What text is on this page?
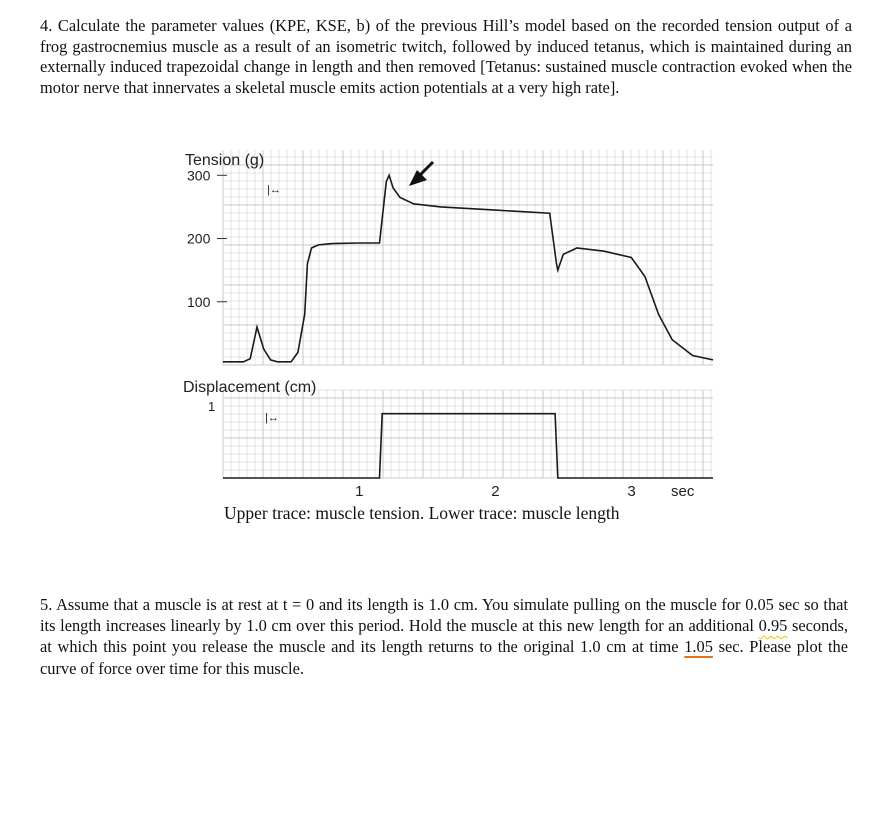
4. Calculate the parameter values (KPE, KSE, b) of the previous Hill’s model based on the recorded tension output of a frog gastrocnemius muscle as a result of an isometric twitch, followed by induced tetanus, which is maintained during an externally induced trapezoidal change in length and then removed [Tetanus: sustained muscle contraction evoked when the motor nerve that innervates a skeletal muscle emits action potentials at a very high rate].

Tension (g)
300
200
100
|↔
|↔
Displacement (cm)
1
1	2	3 sec

Upper trace: muscle tension. Lower trace: muscle length

5. Assume that a muscle is at rest at t = 0 and its length is 1.0 cm. You simulate pulling on the muscle for 0.05 sec so that its length increases linearly by 1.0 cm over this period. Hold the muscle at this new length for an additional 0.95 seconds, at which this point you release the muscle and its length returns to the original 1.0 cm at time 1.05 sec. Please plot the curve of force over time for this muscle.
